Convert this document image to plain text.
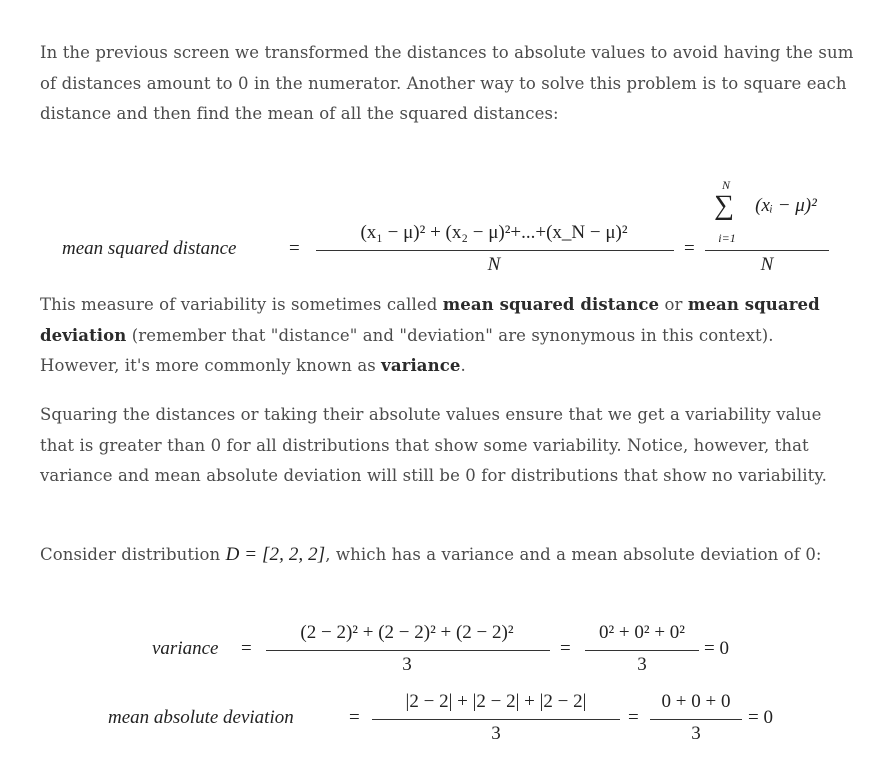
In the previous screen we transformed the distances to absolute values to avoid having the sum of distances amount to 0 in the numerator. Another way to solve this problem is to square each distance and then find the mean of all the squared distances:
mean squared distance	=
(x₁ − μ)² + (x₂ − μ)²+...+(x_N − μ)²
N
=
N
∑	(xᵢ − μ)²
i=1
N
This measure of variability is sometimes called mean squared distance or mean squared deviation (remember that "distance" and "deviation" are synonymous in this context). However, it's more commonly known as variance.
Squaring the distances or taking their absolute values ensure that we get a variability value that is greater than 0 for all distributions that show some variability. Notice, however, that variance and mean absolute deviation will still be 0 for distributions that show no variability.
Consider distribution D = [2, 2, 2], which has a variance and a mean absolute deviation of 0:
variance =
(2 − 2)² + (2 − 2)² + (2 − 2)²
3
=
0² + 0² + 0²
3
= 0
mean absolute deviation	=
|2 − 2| + |2 − 2| + |2 − 2|
3
=
0 + 0 + 0
3
= 0
